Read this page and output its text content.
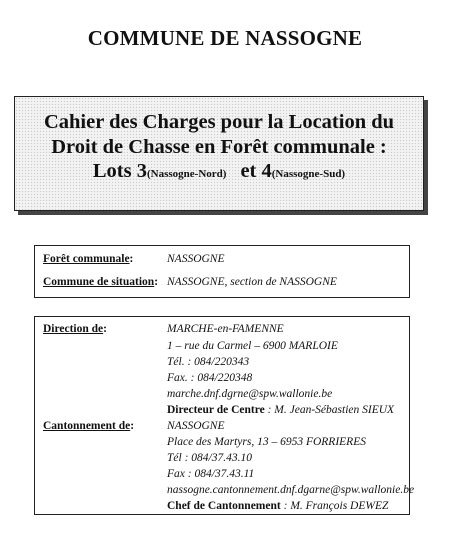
COMMUNE DE NASSOGNE
Cahier des Charges pour la Location du
Droit de Chasse en Forêt communale :
Lots 3(Nassogne-Nord) et 4(Nassogne-Sud)
Forêt communale:	NASSOGNE
Commune de situation: NASSOGNE, section de NASSOGNE
Direction de:	MARCHE-en-FAMENNE
1 – rue du Carmel – 6900 MARLOIE
Tél. : 084/220343
Fax. : 084/220348
marche.dnf.dgrne@spw.wallonie.be
Directeur de Centre : M. Jean-Sébastien SIEUX
Cantonnement de:	NASSOGNE
Place des Martyrs, 13 – 6953 FORRIERES
Tél : 084/37.43.10
Fax : 084/37.43.11
nassogne.cantonnement.dnf.dgarne@spw.wallonie.be
Chef de Cantonnement : M. François DEWEZ
